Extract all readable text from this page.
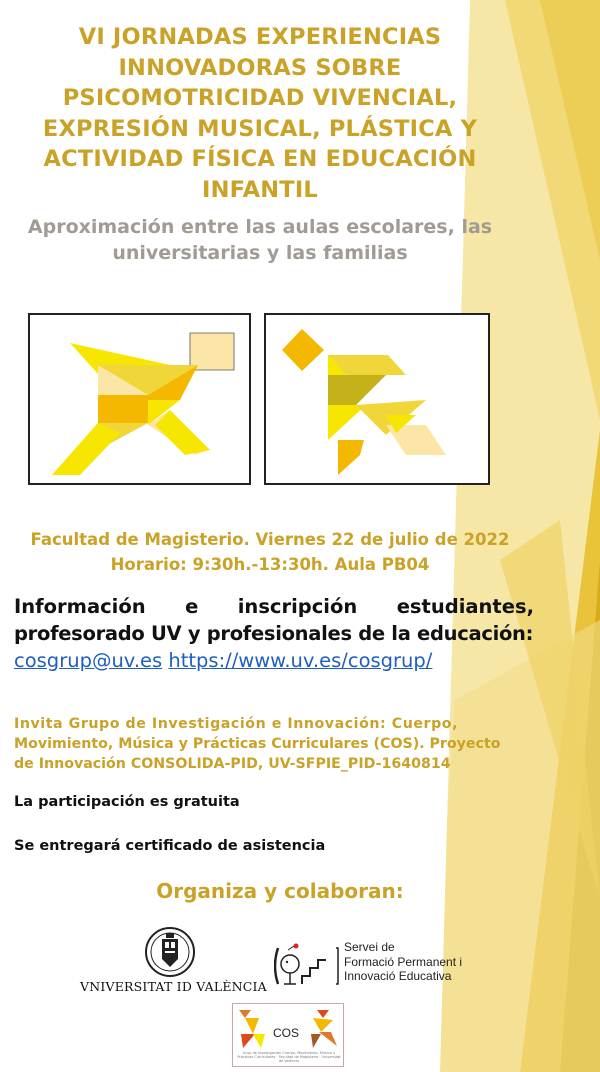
VI JORNADAS EXPERIENCIAS
INNOVADORAS SOBRE
PSICOMOTRICIDAD VIVENCIAL,
EXPRESIÓN MUSICAL, PLÁSTICA Y
ACTIVIDAD FÍSICA EN EDUCACIÓN
INFANTIL
Aproximación entre las aulas escolares, las
universitarias y las familias
Facultad de Magisterio. Viernes 22 de julio de 2022
Horario: 9:30h.-13:30h. Aula PB04
Información e inscripción estudiantes,
profesorado UV y profesionales de la educación:
cosgrup@uv.es https://www.uv.es/cosgrup/
Invita Grupo de Investigación e Innovación: Cuerpo,
Movimiento, Música y Prácticas Curriculares (COS). Proyecto
de Innovación CONSOLIDA-PID, UV-SFPIE_PID-1640814
La participación es gratuita
Se entregará certificado de asistencia
Organiza y colaboran:
VNIVERSITAT ID VALÈNCIA
Servei de
Formació Permanent i
Innovació Educativa
COS
Grup de Investigación Cuerpo, Movimiento, Música y Prácticas Curriculares · Facultad de Magisterio · Universitat de València
